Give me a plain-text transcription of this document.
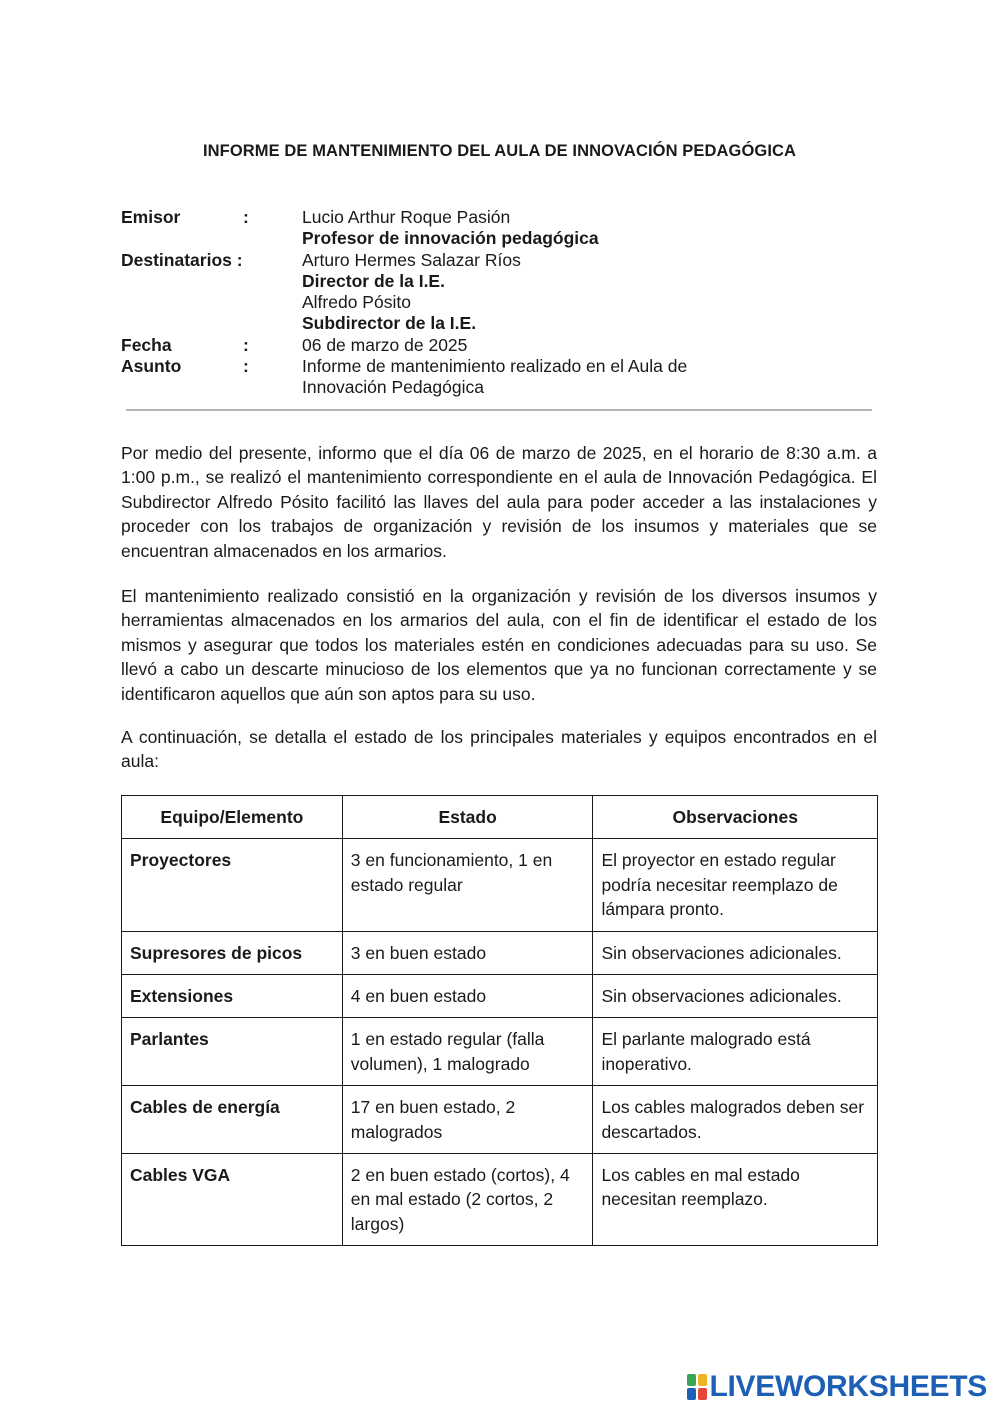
INFORME DE MANTENIMIENTO DEL AULA DE INNOVACIÓN PEDAGÓGICA
Emisor	:	Lucio Arthur Roque Pasión
Profesor de innovación pedagógica
Destinatarios :	Arturo Hermes Salazar Ríos
Director de la I.E.
Alfredo Pósito
Subdirector de la I.E.
Fecha	:	06 de marzo de 2025
Asunto	:	Informe de mantenimiento realizado en el Aula de
Innovación Pedagógica

Por medio del presente, informo que el día 06 de marzo de 2025, en el horario de 8:30 a.m. a 1:00 p.m., se realizó el mantenimiento correspondiente en el aula de Innovación Pedagógica. El Subdirector Alfredo Pósito facilitó las llaves del aula para poder acceder a las instalaciones y proceder con los trabajos de organización y revisión de los insumos y materiales que se encuentran almacenados en los armarios.

El mantenimiento realizado consistió en la organización y revisión de los diversos insumos y herramientas almacenados en los armarios del aula, con el fin de identificar el estado de los mismos y asegurar que todos los materiales estén en condiciones adecuadas para su uso. Se llevó a cabo un descarte minucioso de los elementos que ya no funcionan correctamente y se identificaron aquellos que aún son aptos para su uso.

A continuación, se detalla el estado de los principales materiales y equipos encontrados en el aula:

Equipo/Elemento	Estado	Observaciones
Proyectores	3 en funcionamiento, 1 en estado regular	El proyector en estado regular podría necesitar reemplazo de lámpara pronto.
Supresores de picos	3 en buen estado	Sin observaciones adicionales.
Extensiones	4 en buen estado	Sin observaciones adicionales.
Parlantes	1 en estado regular (falla volumen), 1 malogrado	El parlante malogrado está inoperativo.
Cables de energía	17 en buen estado, 2 malogrados	Los cables malogrados deben ser descartados.
Cables VGA	2 en buen estado (cortos), 4 en mal estado (2 cortos, 2 largos)	Los cables en mal estado necesitan reemplazo.
LIVEWORKSHEETS
